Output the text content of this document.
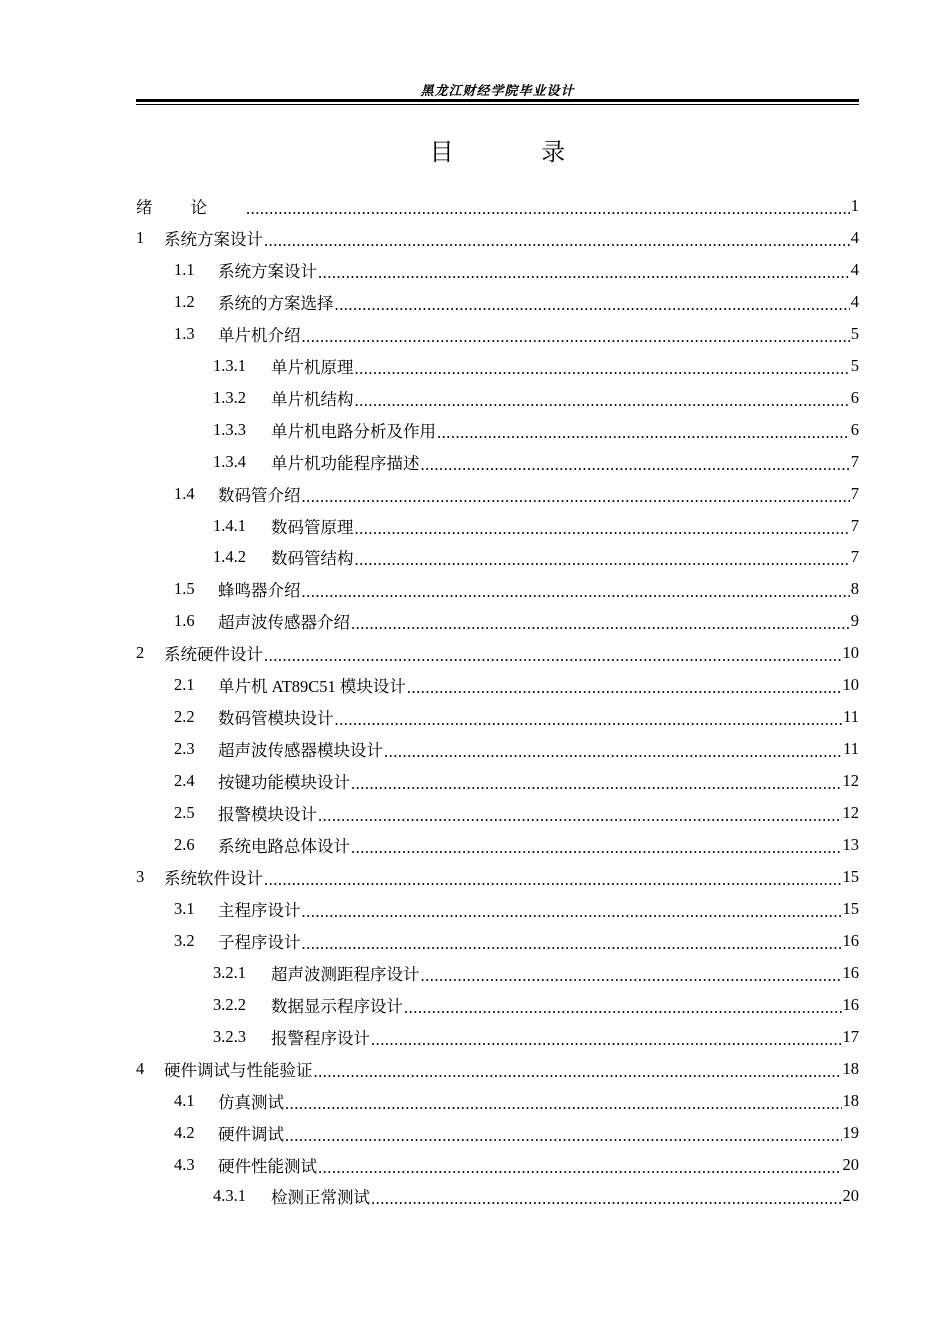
黑龙江财经学院毕业设计
目 录
绪论 .....	1
1	系统方案设计 .....	4
1.1	系统方案设计 .....	4
1.2	系统的方案选择 .....	4
1.3	单片机介绍 .....	5
1.3.1	单片机原理 .....	5
1.3.2	单片机结构 .....	6
1.3.3	单片机电路分析及作用 .....	6
1.3.4	单片机功能程序描述 .....	7
1.4	数码管介绍 .....	7
1.4.1	数码管原理 .....	7
1.4.2	数码管结构 .....	7
1.5	蜂鸣器介绍 .....	8
1.6	超声波传感器介绍 .....	9
2	系统硬件设计 .....	10
2.1	单片机 AT89C51 模块设计 .....	10
2.2	数码管模块设计 .....	11
2.3	超声波传感器模块设计 .....	11
2.4	按键功能模块设计 .....	12
2.5	报警模块设计 .....	12
2.6	系统电路总体设计 .....	13
3	系统软件设计 .....	15
3.1	主程序设计 .....	15
3.2	子程序设计 .....	16
3.2.1	超声波测距程序设计 .....	16
3.2.2	数据显示程序设计 .....	16
3.2.3	报警程序设计 .....	17
4	硬件调试与性能验证 .....	18
4.1	仿真测试 .....	18
4.2	硬件调试 .....	19
4.3	硬件性能测试 .....	20
4.3.1	检测正常测试 .....	20
